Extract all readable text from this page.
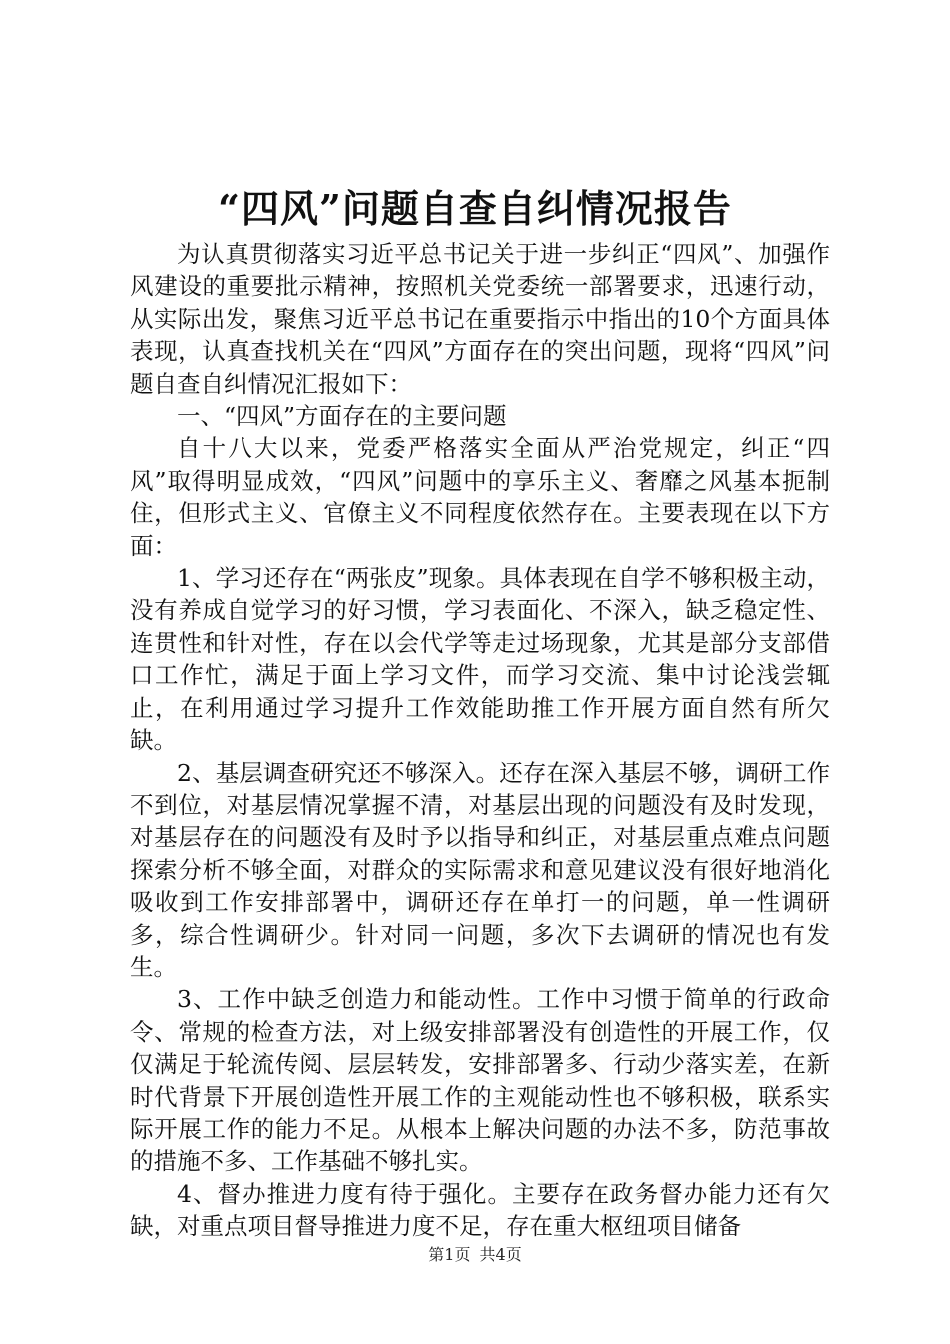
“四风”问题自查自纠情况报告

为认真贯彻落实习近平总书记关于进一步纠正“四风”、加强作风建设的重要批示精神，按照机关党委统一部署要求，迅速行动，从实际出发，聚焦习近平总书记在重要指示中指出的10个方面具体表现，认真查找机关在“四风”方面存在的突出问题，现将“四风”问题自查自纠情况汇报如下：

一、“四风”方面存在的主要问题

自十八大以来，党委严格落实全面从严治党规定，纠正“四风”取得明显成效，“四风”问题中的享乐主义、奢靡之风基本扼制住，但形式主义、官僚主义不同程度依然存在。主要表现在以下方面：

1、学习还存在“两张皮”现象。具体表现在自学不够积极主动，没有养成自觉学习的好习惯，学习表面化、不深入，缺乏稳定性、连贯性和针对性，存在以会代学等走过场现象，尤其是部分支部借口工作忙，满足于面上学习文件，而学习交流、集中讨论浅尝辄止，在利用通过学习提升工作效能助推工作开展方面自然有所欠缺。

2、基层调查研究还不够深入。还存在深入基层不够，调研工作不到位，对基层情况掌握不清，对基层出现的问题没有及时发现，对基层存在的问题没有及时予以指导和纠正，对基层重点难点问题探索分析不够全面，对群众的实际需求和意见建议没有很好地消化吸收到工作安排部署中，调研还存在单打一的问题，单一性调研多，综合性调研少。针对同一问题，多次下去调研的情况也有发生。

3、工作中缺乏创造力和能动性。工作中习惯于简单的行政命令、常规的检查方法，对上级安排部署没有创造性的开展工作，仅仅满足于轮流传阅、层层转发，安排部署多、行动少落实差，在新时代背景下开展创造性开展工作的主观能动性也不够积极，联系实际开展工作的能力不足。从根本上解决问题的办法不多，防范事故的措施不多、工作基础不够扎实。

4、督办推进力度有待于强化。主要存在政务督办能力还有欠缺，对重点项目督导推进力度不足，存在重大枢纽项目储备

第1页 共4页
